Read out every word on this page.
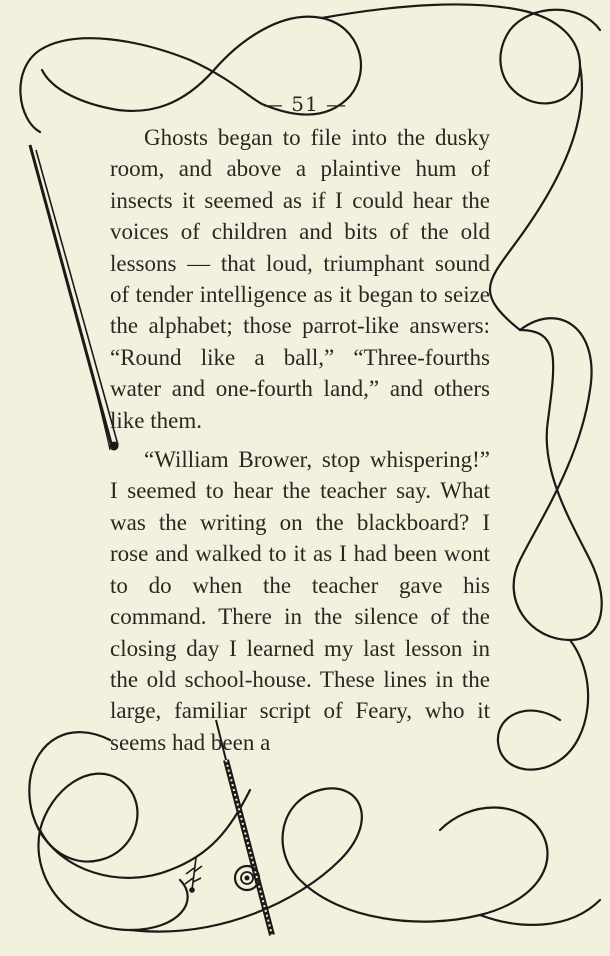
— 51 —

Ghosts began to file into the dusky room, and above a plaintive hum of insects it seemed as if I could hear the voices of children and bits of the old lessons — that loud, triumphant sound of tender intelligence as it began to seize the alphabet; those parrot-like answers: “Round like a ball,” “Three-fourths water and one-fourth land,” and others like them.

“William Brower, stop whispering!” I seemed to hear the teacher say. What was the writing on the blackboard? I rose and walked to it as I had been wont to do when the teacher gave his command. There in the silence of the closing day I learned my last lesson in the old school-house. These lines in the large, familiar script of Feary, who it seems had been a
